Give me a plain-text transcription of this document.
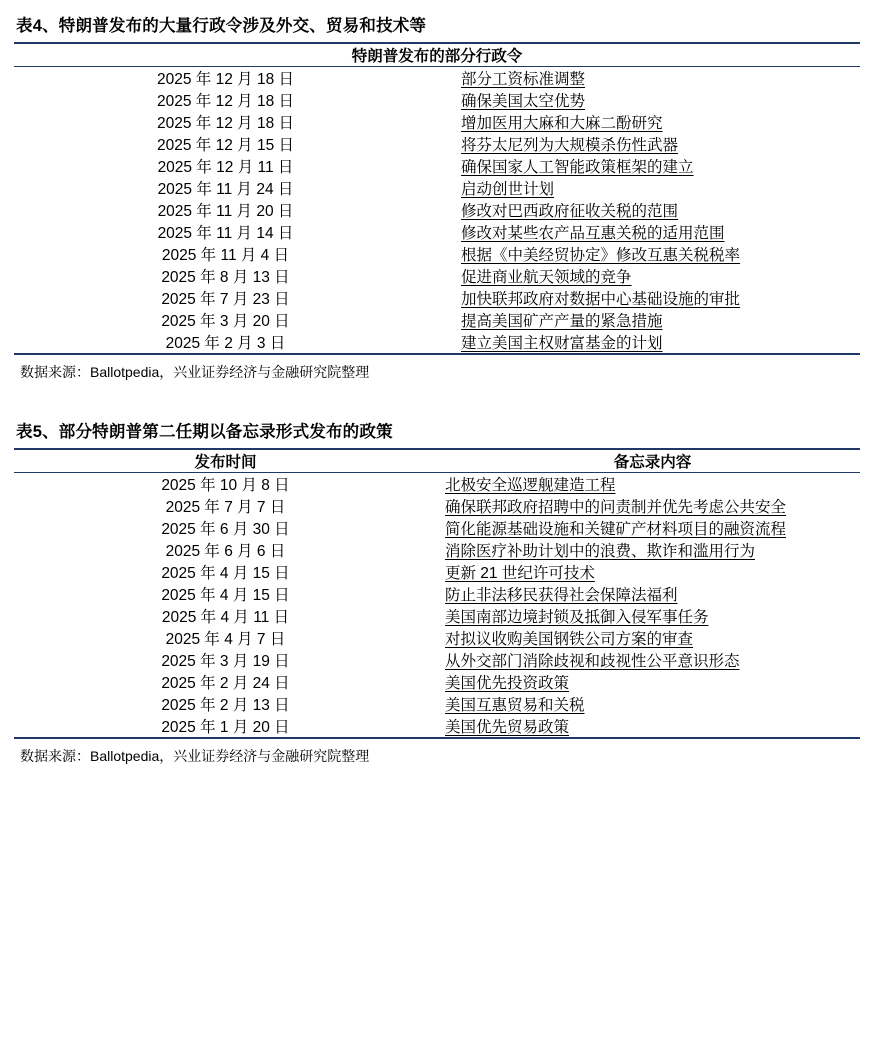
表4、特朗普发布的大量行政令涉及外交、贸易和技术等

特朗普发布的部分行政令	

2025 年 12 月 18 日	部分工资标准调整
2025 年 12 月 18 日	确保美国太空优势
2025 年 12 月 18 日	增加医用大麻和大麻二酚研究
2025 年 12 月 15 日	将芬太尼列为大规模杀伤性武器
2025 年 12 月 11 日	确保国家人工智能政策框架的建立
2025 年 11 月 24 日	启动创世计划
2025 年 11 月 20 日	修改对巴西政府征收关税的范围
2025 年 11 月 14 日	修改对某些农产品互惠关税的适用范围
2025 年 11 月 4 日	根据《中美经贸协定》修改互惠关税税率
2025 年 8 月 13 日	促进商业航天领域的竞争
2025 年 7 月 23 日	加快联邦政府对数据中心基础设施的审批
2025 年 3 月 20 日	提高美国矿产产量的紧急措施
2025 年 2 月 3 日	建立美国主权财富基金的计划

数据来源：Ballotpedia，兴业证券经济与金融研究院整理
表5、部分特朗普第二任期以备忘录形式发布的政策

发布时间	备忘录内容

2025 年 10 月 8 日	北极安全巡逻舰建造工程
2025 年 7 月 7 日	确保联邦政府招聘中的问责制并优先考虑公共安全
2025 年 6 月 30 日	简化能源基础设施和关键矿产材料项目的融资流程
2025 年 6 月 6 日	消除医疗补助计划中的浪费、欺诈和滥用行为
2025 年 4 月 15 日	更新 21 世纪许可技术
2025 年 4 月 15 日	防止非法移民获得社会保障法福利
2025 年 4 月 11 日	美国南部边境封锁及抵御入侵军事任务
2025 年 4 月 7 日	对拟议收购美国钢铁公司方案的审查
2025 年 3 月 19 日	从外交部门消除歧视和歧视性公平意识形态
2025 年 2 月 24 日	美国优先投资政策
2025 年 2 月 13 日	美国互惠贸易和关税
2025 年 1 月 20 日	美国优先贸易政策

数据来源：Ballotpedia，兴业证券经济与金融研究院整理
